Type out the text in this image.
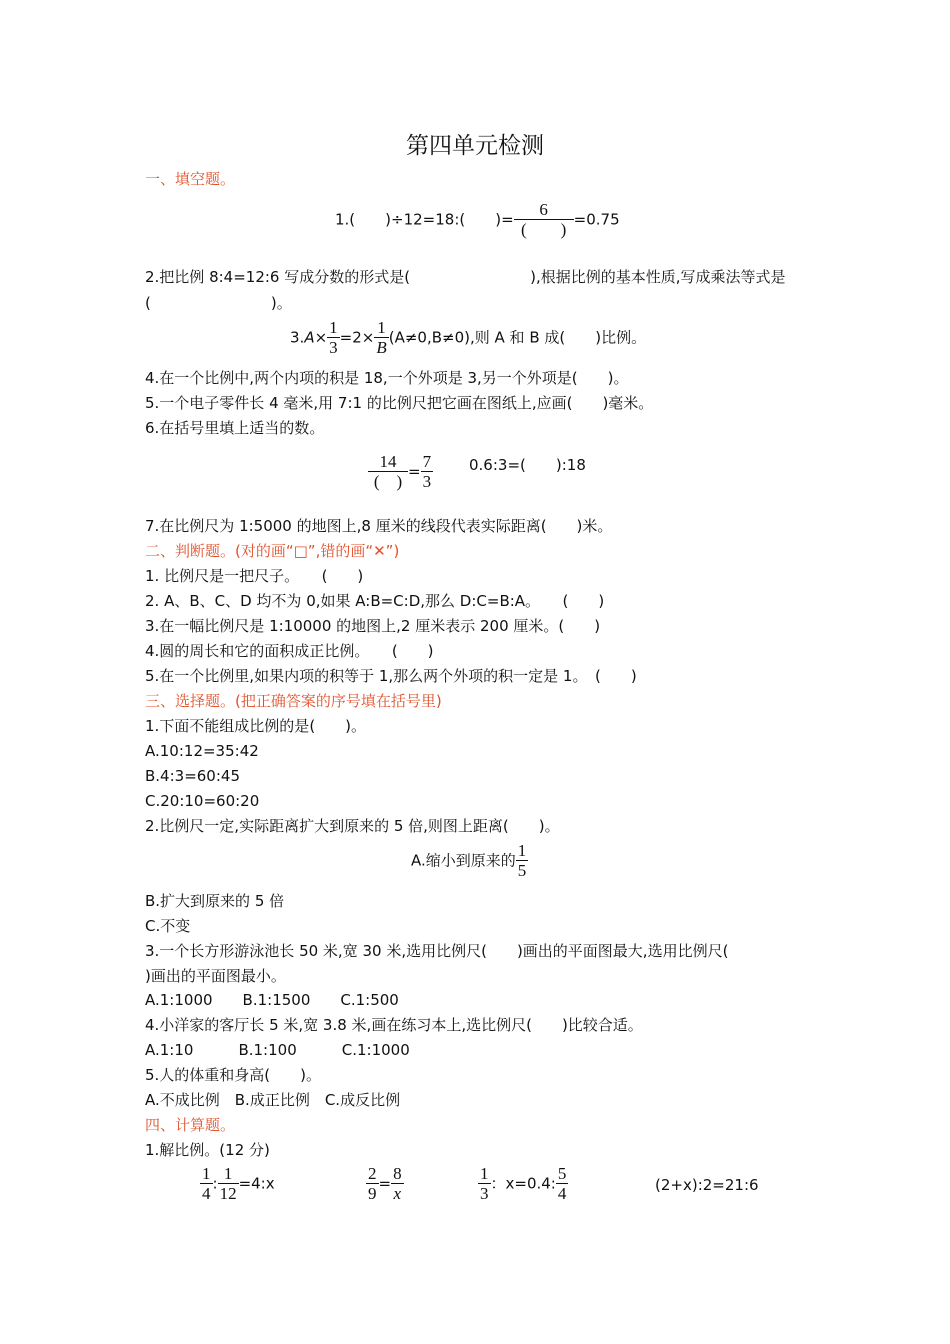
第四单元检测
一、填空题。
1.(　　)÷12=18:(　　)= $\frac{6}{( )} =0.75$
2.把比例 8:4=12:6 写成分数的形式是(　　　　　　　　),根据比例的基本性质,写成乘法等式是
(　　　　　　　　)。
$3.A\times \frac{1}{3} =2\times \frac{1}{B} (A\ne 0,B\ne 0)$,则 A 和 B 成(　　)比例。
4.在一个比例中,两个内项的积是 18,一个外项是 3,另一个外项是(　　)。
5.一个电子零件长 4 毫米,用 7:1 的比例尺把它画在图纸上,应画(　　)毫米。
6.在括号里填上适当的数。
$\frac{14}{( )} = \frac{7}{3}$ 0.6:3=(　　):18
7.在比例尺为 1:5000 的地图上,8 厘米的线段代表实际距离(　　)米。
二、判断题。(对的画“□”,错的画“✕”)
1. 比例尺是一把尺子。　　(　　)
2. A、B、C、D 均不为 0,如果 A:B=C:D,那么 D:C=B:A。　　(　　)
3.在一幅比例尺是 1:10000 的地图上,2 厘米表示 200 厘米。(　　)
4.圆的周长和它的面积成正比例。　　(　　)
5.在一个比例里,如果内项的积等于 1,那么两个外项的积一定是 1。　(　　)
三、选择题。(把正确答案的序号填在括号里)
1.下面不能组成比例的是(　　)。
A.10:12=35:42
B.4:3=60:45
C.20:10=60:20
2.比例尺一定,实际距离扩大到原来的 5 倍,则图上距离(　　)。
A.缩小到原来的 $\frac{1}{5}$
B.扩大到原来的 5 倍
C.不变
3.一个长方形游泳池长 50 米,宽 30 米,选用比例尺(　　)画出的平面图最大,选用比例尺(
)画出的平面图最小。
A.1:1000　　B.1:1500　　C.1:500
4.小洋家的客厅长 5 米,宽 3.8 米,画在练习本上,选比例尺(　　)比较合适。
A.1:10　　　B.1:100　　　C.1:1000
5.人的体重和身高(　　)。
A.不成比例　B.成正比例　C.成反比例
四、计算题。
1.解比例。(12 分)
$\frac{1}{4}$ : $\frac{1}{12}$ =4:x	$\frac{2}{9} = \frac{8}{x}$	$\frac{1}{3}$ ：x=0.4: $\frac{5}{4}$	(2+x):2=21:6
